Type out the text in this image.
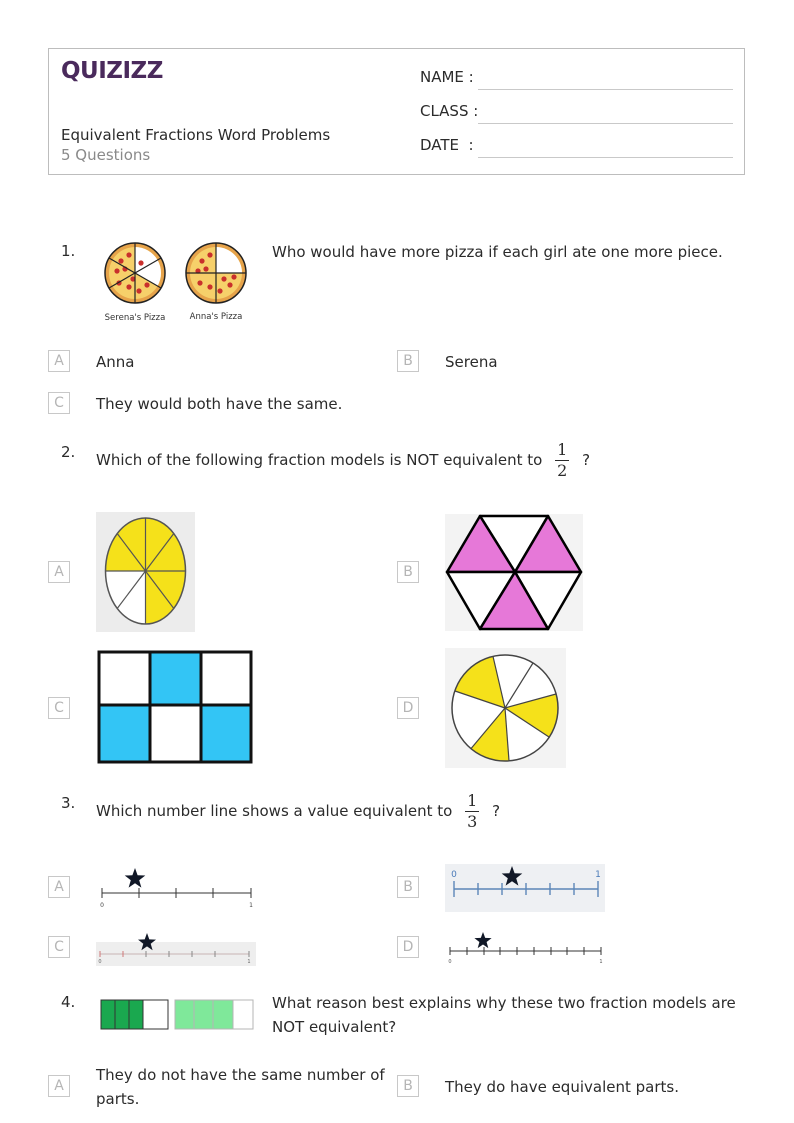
QUIZIZZ
Equivalent Fractions Word Problems
5 Questions
NAME :
CLASS :
DATE  :
1.
Serena's Pizza	Anna's Pizza
Who would have more pizza if each girl ate one more piece.
A	Anna	B	Serena
C	They would both have the same.
2. Which of the following fraction models is NOT equivalent to $\frac{1}{2}$ ?
A	B
C	D
3. Which number line shows a value equivalent to $\frac{1}{3}$ ?
A
0	1
B
0	1
C
0	1
D
0	1
4.	What reason best explains why these two fraction models are NOT equivalent?
A
They do not have the same number of parts.
B	They do have equivalent parts.
